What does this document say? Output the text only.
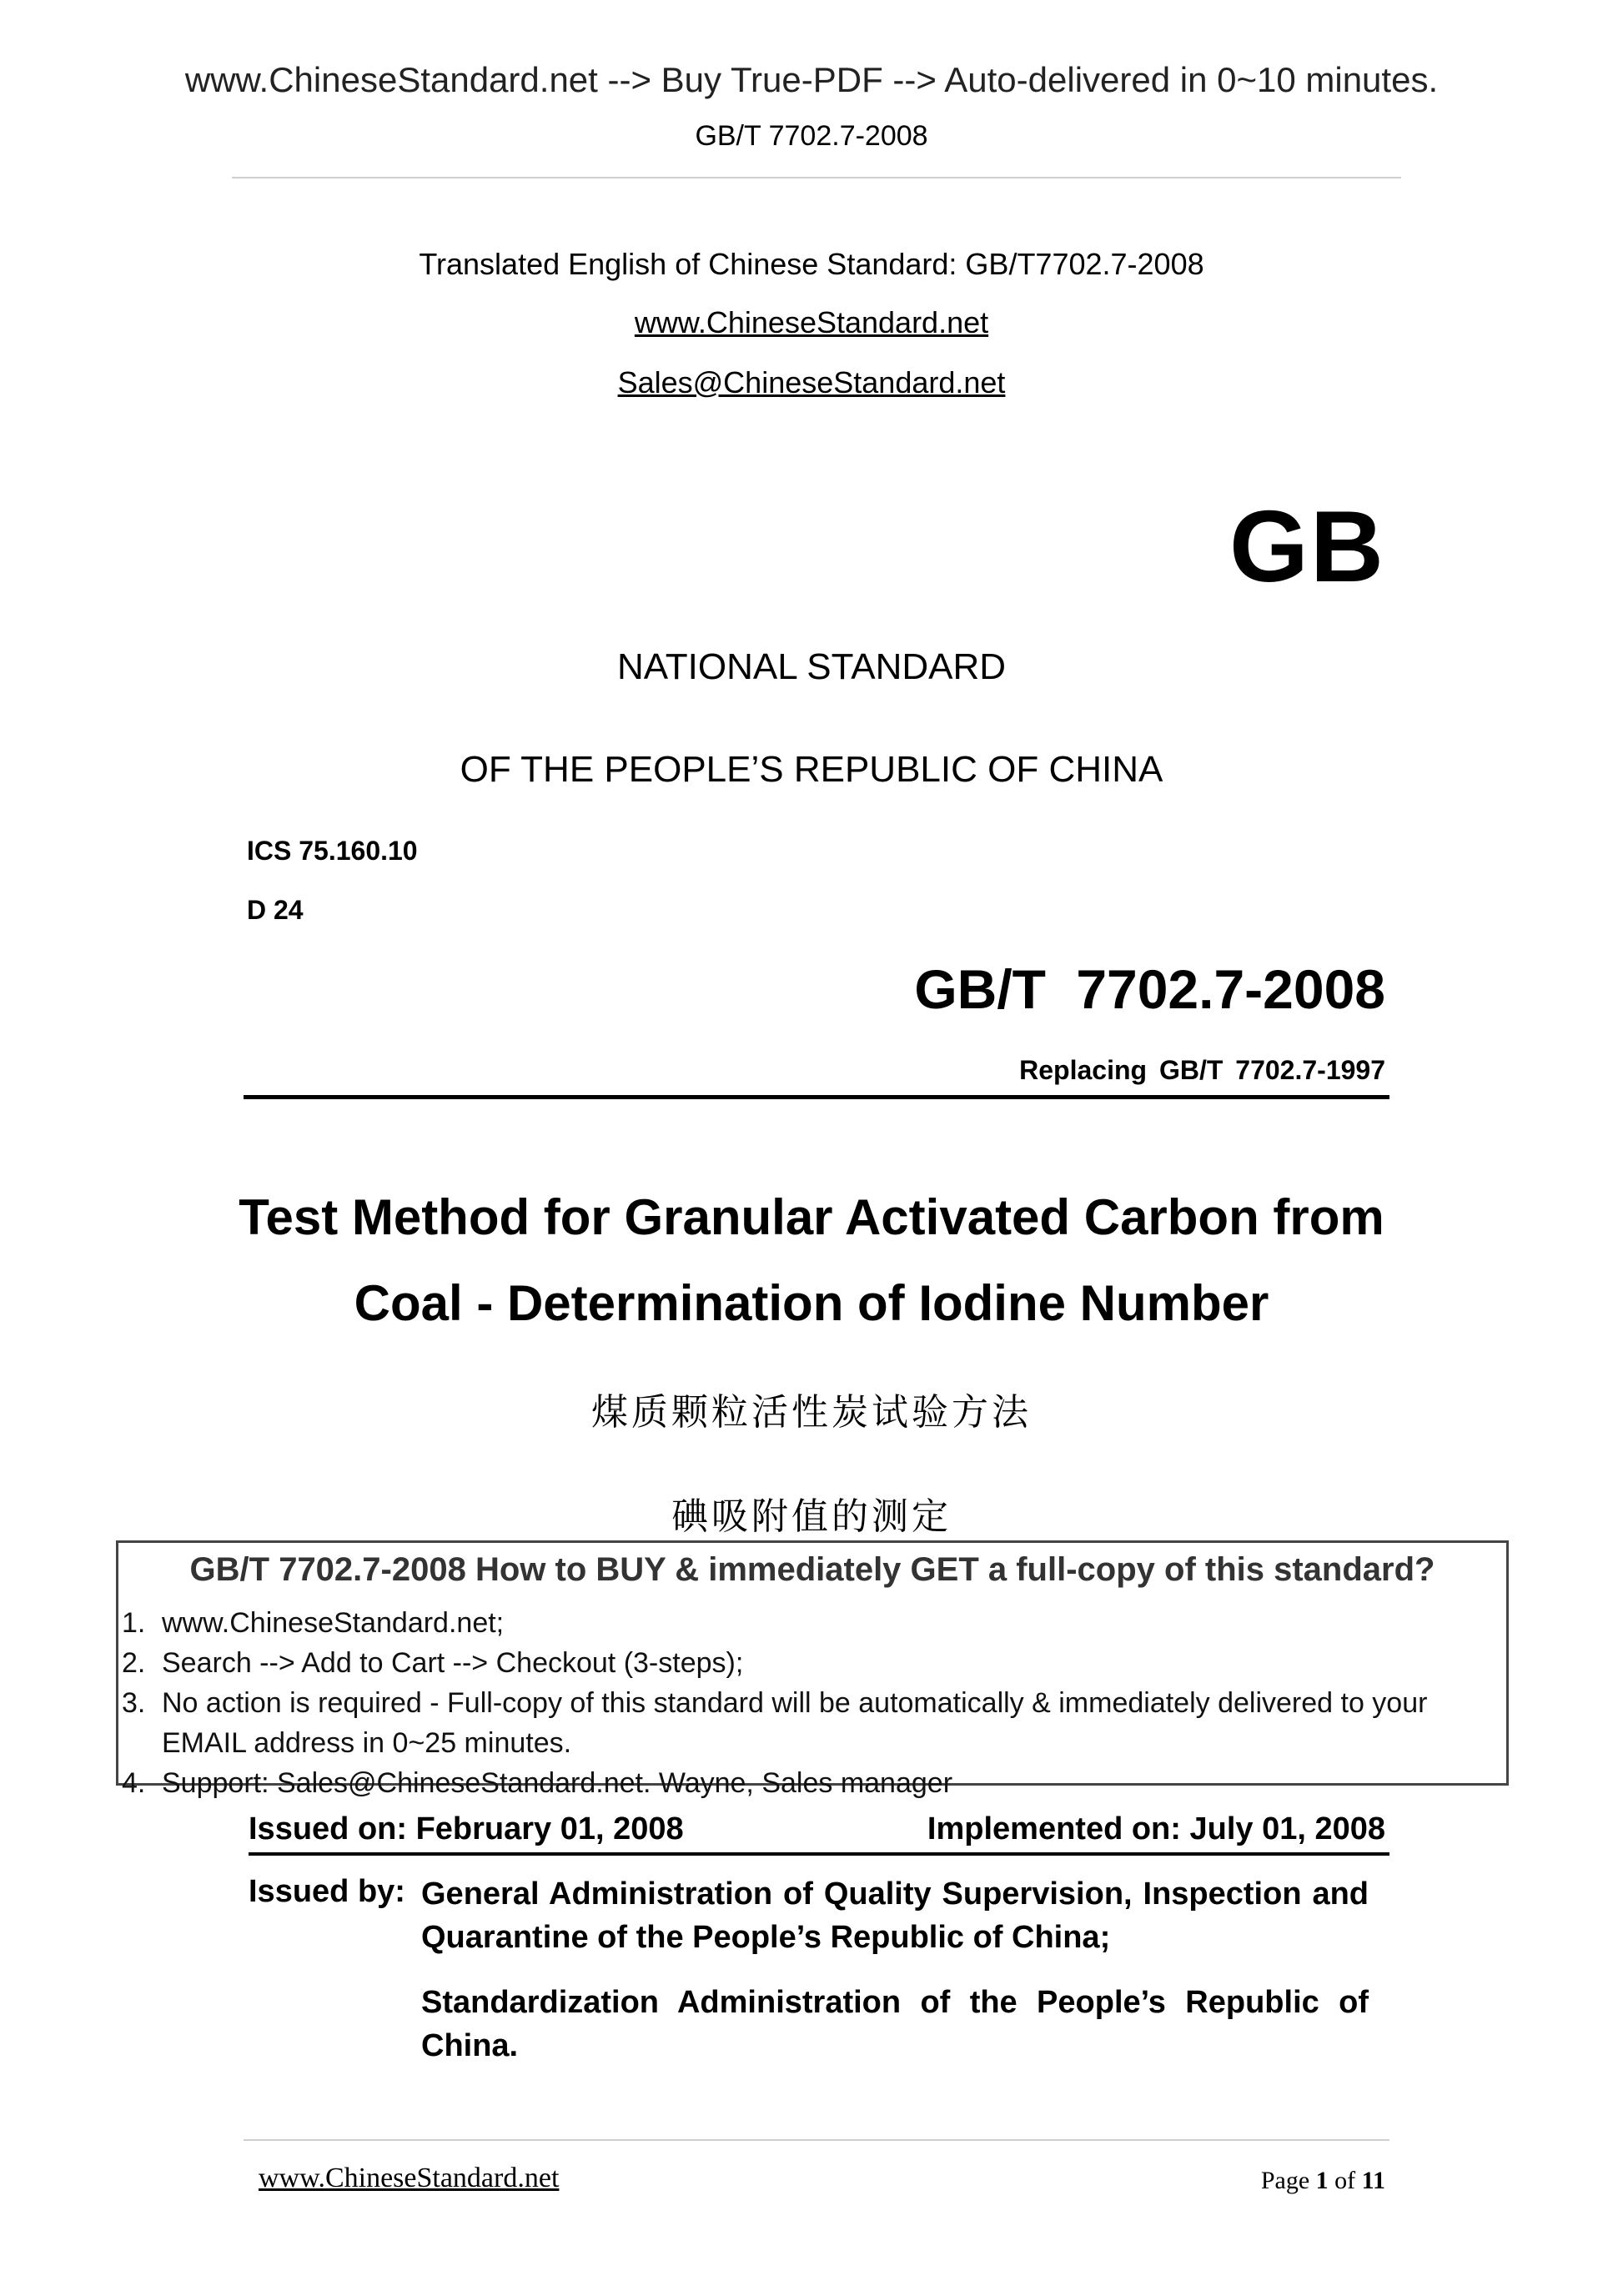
www.ChineseStandard.net --> Buy True-PDF --> Auto-delivered in 0~10 minutes.
GB/T 7702.7-2008
Translated English of Chinese Standard: GB/T7702.7-2008
www.ChineseStandard.net
Sales@ChineseStandard.net
GB
NATIONAL STANDARD
OF THE PEOPLE’S REPUBLIC OF CHINA
ICS 75.160.10
D 24
GB/T 7702.7-2008
Replacing GB/T 7702.7-1997
Test Method for Granular Activated Carbon from
Coal - Determination of Iodine Number
煤质颗粒活性炭试验方法
碘吸附值的测定
GB/T 7702.7-2008 How to BUY & immediately GET a full-copy of this standard?
1. www.ChineseStandard.net;
2. Search --> Add to Cart --> Checkout (3-steps);
3. No action is required - Full-copy of this standard will be automatically & immediately delivered to your EMAIL address in 0~25 minutes.
4. Support: Sales@ChineseStandard.net. Wayne, Sales manager
Issued on: February 01, 2008	Implemented on: July 01, 2008
Issued by: General Administration of Quality Supervision, Inspection and Quarantine of the People’s Republic of China;
Standardization Administration of the People’s Republic of China.
www.ChineseStandard.net	Page 1 of 11
